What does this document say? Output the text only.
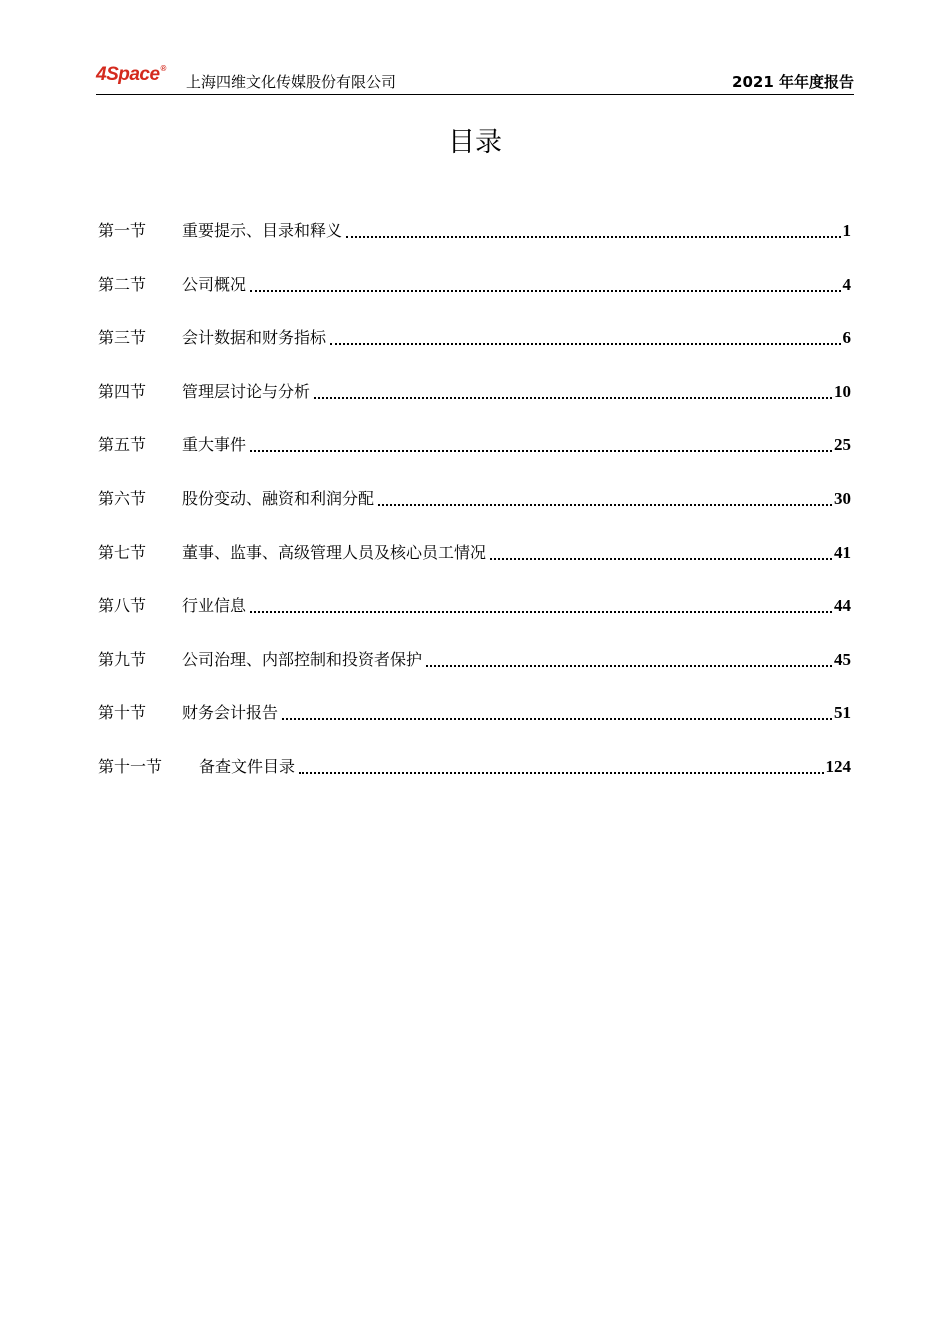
4Space®
上海四维文化传媒股份有限公司	2021 年年度报告
目录
第一节	重要提示、目录和释义	1
第二节	公司概况	4
第三节	会计数据和财务指标	6
第四节	管理层讨论与分析	10
第五节	重大事件	25
第六节	股份变动、融资和利润分配	30
第七节	董事、监事、高级管理人员及核心员工情况	41
第八节	行业信息	44
第九节	公司治理、内部控制和投资者保护	45
第十节	财务会计报告	51
第十一节	备查文件目录	124
